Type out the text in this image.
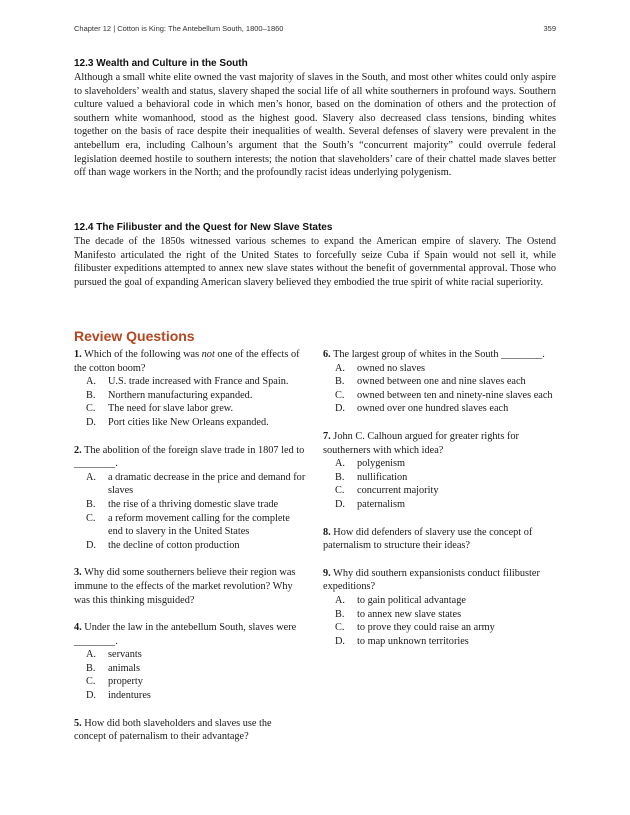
Chapter 12 | Cotton is King: The Antebellum South, 1800–1860	359

12.3 Wealth and Culture in the South

Although a small white elite owned the vast majority of slaves in the South, and most other whites could only aspire to slaveholders’ wealth and status, slavery shaped the social life of all white southerners in profound ways. Southern culture valued a behavioral code in which men’s honor, based on the domination of others and the protection of southern white womanhood, stood as the highest good. Slavery also decreased class tensions, binding whites together on the basis of race despite their inequalities of wealth. Several defenses of slavery were prevalent in the antebellum era, including Calhoun’s argument that the South’s “concurrent majority” could overrule federal legislation deemed hostile to southern interests; the notion that slaveholders’ care of their chattel made slaves better off than wage workers in the North; and the profoundly racist ideas underlying polygenism.

12.4 The Filibuster and the Quest for New Slave States

The decade of the 1850s witnessed various schemes to expand the American empire of slavery. The Ostend Manifesto articulated the right of the United States to forcefully seize Cuba if Spain would not sell it, while filibuster expeditions attempted to annex new slave states without the benefit of governmental approval. Those who pursued the goal of expanding American slavery believed they embodied the true spirit of white racial superiority.

Review Questions

1. Which of the following was not one of the effects of the cotton boom?

A.	U.S. trade increased with France and Spain.
B.	Northern manufacturing expanded.
C.	The need for slave labor grew.
D.	Port cities like New Orleans expanded.

2. The abolition of the foreign slave trade in 1807 led to ________.

A.	a dramatic decrease in the price and demand for slaves
B.	the rise of a thriving domestic slave trade
C.	a reform movement calling for the complete end to slavery in the United States
D.	the decline of cotton production

3. Why did some southerners believe their region was immune to the effects of the market revolution? Why was this thinking misguided?

4. Under the law in the antebellum South, slaves were ________.

A.	servants
B.	animals
C.	property
D.	indentures

5. How did both slaveholders and slaves use the concept of paternalism to their advantage?

6. The largest group of whites in the South ________.

A.	owned no slaves
B.	owned between one and nine slaves each
C.	owned between ten and ninety-nine slaves each
D.	owned over one hundred slaves each

7. John C. Calhoun argued for greater rights for southerners with which idea?

A.	polygenism
B.	nullification
C.	concurrent majority
D.	paternalism

8. How did defenders of slavery use the concept of paternalism to structure their ideas?

9. Why did southern expansionists conduct filibuster expeditions?

A.	to gain political advantage
B.	to annex new slave states
C.	to prove they could raise an army
D.	to map unknown territories
